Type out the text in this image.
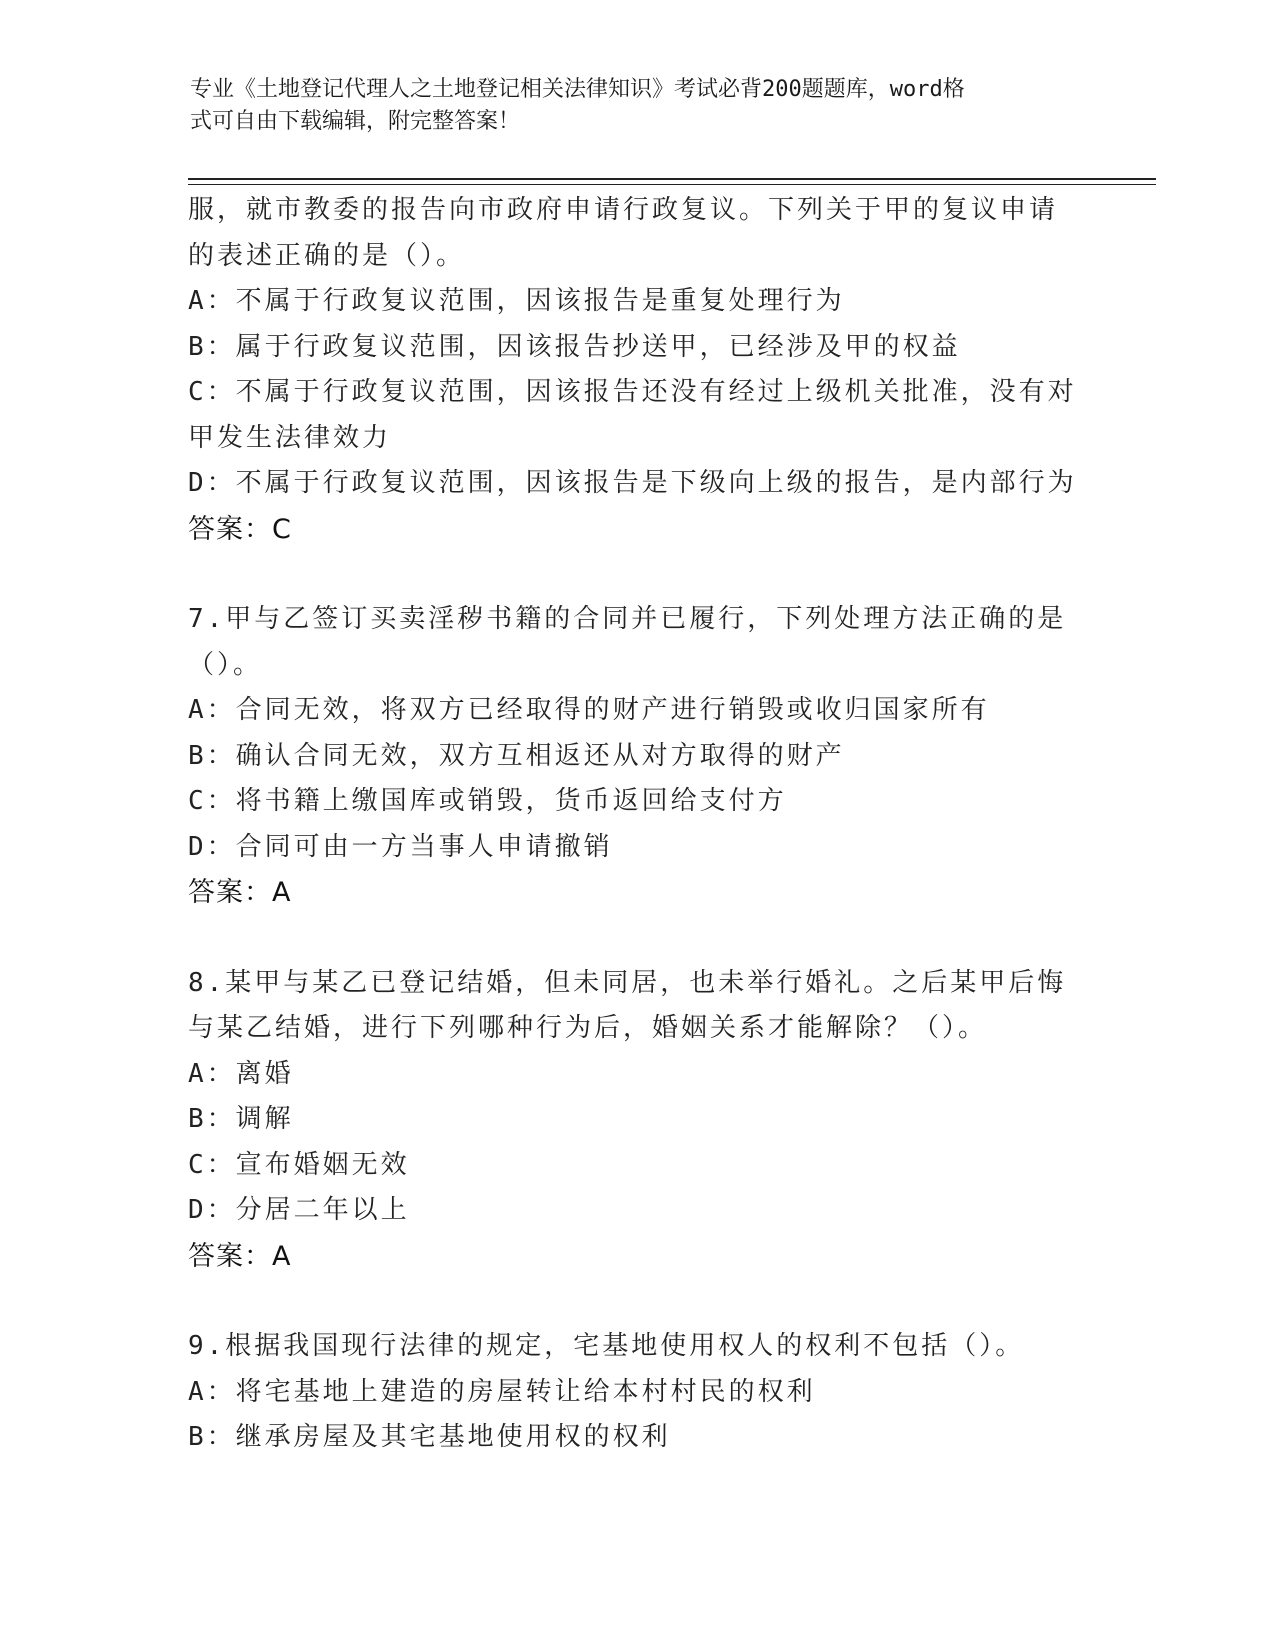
专业《土地登记代理人之土地登记相关法律知识》考试必背200题题库，word格
式可自由下载编辑，附完整答案！
服，就市教委的报告向市政府申请行政复议。下列关于甲的复议申请
的表述正确的是（）。
A：不属于行政复议范围，因该报告是重复处理行为
B：属于行政复议范围，因该报告抄送甲，已经涉及甲的权益
C：不属于行政复议范围，因该报告还没有经过上级机关批准，没有对
甲发生法律效力
D：不属于行政复议范围，因该报告是下级向上级的报告，是内部行为
答案：C
7.甲与乙签订买卖淫秽书籍的合同并已履行，下列处理方法正确的是
（）。
A：合同无效，将双方已经取得的财产进行销毁或收归国家所有
B：确认合同无效，双方互相返还从对方取得的财产
C：将书籍上缴国库或销毁，货币返回给支付方
D：合同可由一方当事人申请撤销
答案：A
8.某甲与某乙已登记结婚，但未同居，也未举行婚礼。之后某甲后悔
与某乙结婚，进行下列哪种行为后，婚姻关系才能解除？（）。
A：离婚
B：调解
C：宣布婚姻无效
D：分居二年以上
答案：A
9.根据我国现行法律的规定，宅基地使用权人的权利不包括（）。
A：将宅基地上建造的房屋转让给本村村民的权利
B：继承房屋及其宅基地使用权的权利
